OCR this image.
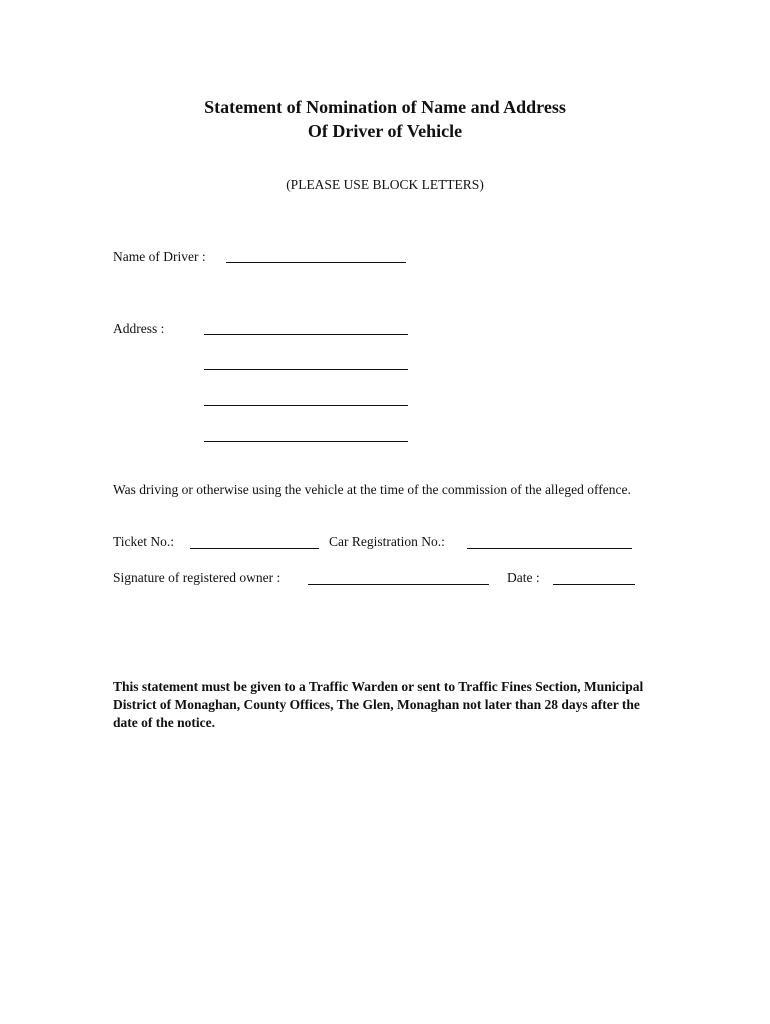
Statement of Nomination of Name and Address
Of Driver of Vehicle
(PLEASE USE BLOCK LETTERS)
Name of Driver :
Address :
Was driving or otherwise using the vehicle at the time of the commission of the alleged offence.
Ticket No.:	Car Registration No.:
Signature of registered owner :	Date :
This statement must be given to a Traffic Warden or sent to Traffic Fines Section, Municipal District of Monaghan, County Offices, The Glen, Monaghan not later than 28 days after the date of the notice.
